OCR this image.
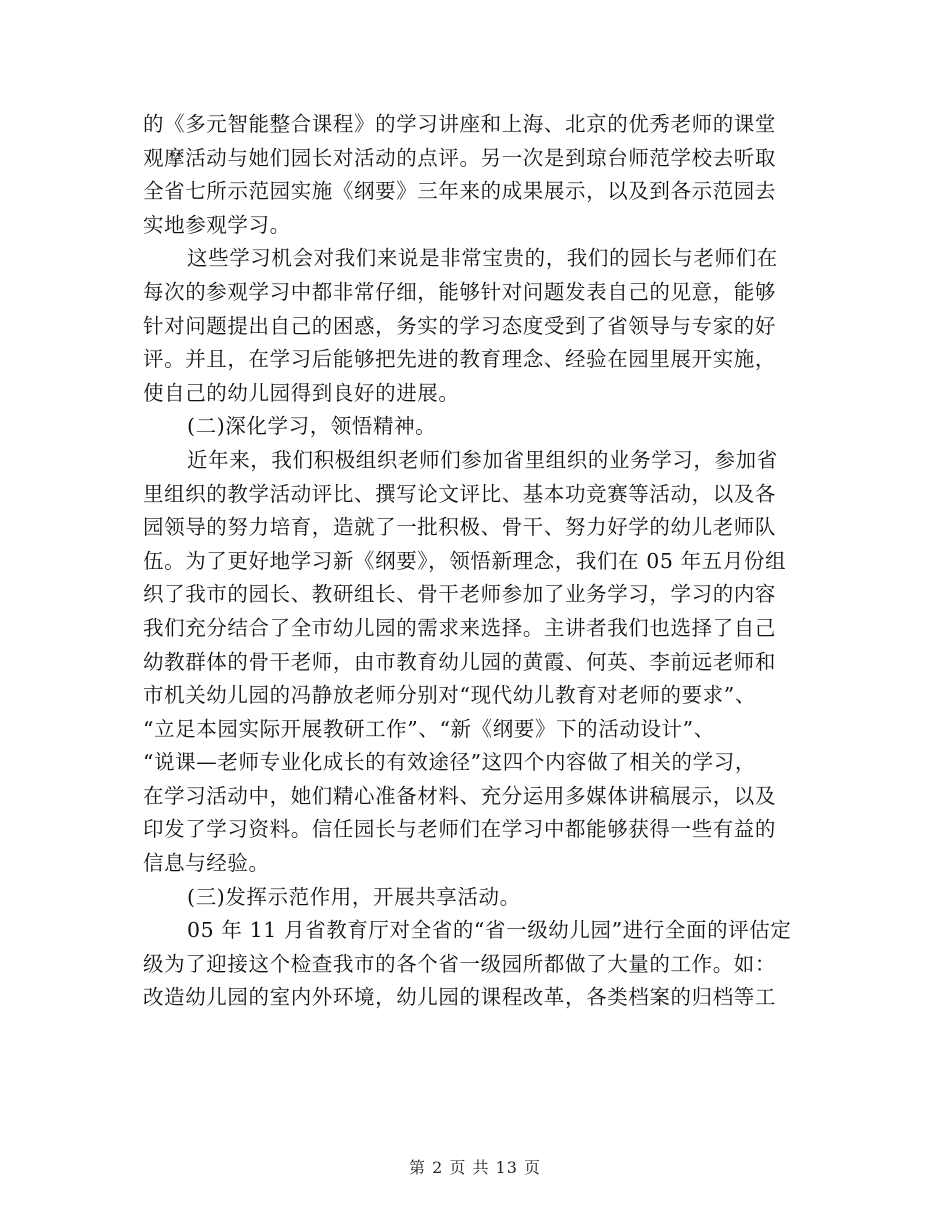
的《多元智能整合课程》的学习讲座和上海、北京的优秀老师的课堂
观摩活动与她们园长对活动的点评。另一次是到琼台师范学校去听取
全省七所示范园实施《纲要》三年来的成果展示，以及到各示范园去
实地参观学习。
这些学习机会对我们来说是非常宝贵的，我们的园长与老师们在
每次的参观学习中都非常仔细，能够针对问题发表自己的见意，能够
针对问题提出自己的困惑，务实的学习态度受到了省领导与专家的好
评。并且，在学习后能够把先进的教育理念、经验在园里展开实施，
使自己的幼儿园得到良好的进展。
(二)深化学习，领悟精神。
近年来，我们积极组织老师们参加省里组织的业务学习，参加省
里组织的教学活动评比、撰写论文评比、基本功竞赛等活动，以及各
园领导的努力培育，造就了一批积极、骨干、努力好学的幼儿老师队
伍。为了更好地学习新《纲要》，领悟新理念，我们在 05 年五月份组
织了我市的园长、教研组长、骨干老师参加了业务学习，学习的内容
我们充分结合了全市幼儿园的需求来选择。主讲者我们也选择了自己
幼教群体的骨干老师，由市教育幼儿园的黄霞、何英、李前远老师和
市机关幼儿园的冯静放老师分别对“现代幼儿教育对老师的要求”、
“立足本园实际开展教研工作”、“新《纲要》下的活动设计”、
“说课—老师专业化成长的有效途径”这四个内容做了相关的学习，
在学习活动中，她们精心准备材料、充分运用多媒体讲稿展示，以及
印发了学习资料。信任园长与老师们在学习中都能够获得一些有益的
信息与经验。
(三)发挥示范作用，开展共享活动。
05 年 11 月省教育厅对全省的“省一级幼儿园”进行全面的评估定
级为了迎接这个检查我市的各个省一级园所都做了大量的工作。如：
改造幼儿园的室内外环境，幼儿园的课程改革，各类档案的归档等工
第 2 页 共 13 页
